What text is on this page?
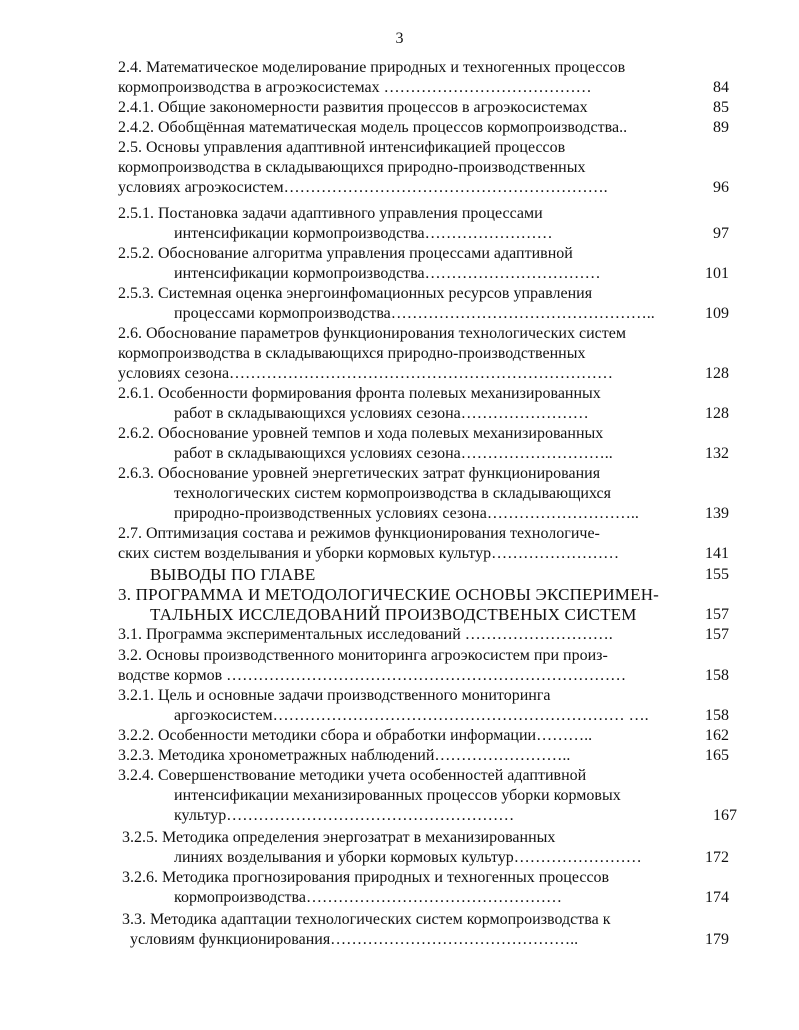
3
2.4. Математическое моделирование природных и техногенных процессов
кормопроизводства в агроэкосистемах …………………………………	84
2.4.1. Общие закономерности развития процессов в агроэкосистемах	85
2.4.2. Обобщённая математическая модель процессов кормопроизводства..	89
2.5. Основы управления адаптивной интенсификацией процессов
кормопроизводства в складывающихся природно-производственных
условиях агроэкосистем…………………………………………………….	96
2.5.1. Постановка задачи адаптивного управления процессами
интенсификации кормопроизводства……………………	97
2.5.2. Обоснование алгоритма управления процессами адаптивной
интенсификации кормопроизводства……………………………	101
2.5.3. Системная оценка энергоинфомационных ресурсов управления
процессами кормопроизводства…………………………………………..	109
2.6. Обоснование параметров функционирования технологических систем
кормопроизводства в складывающихся природно-производственных
условиях сезона………………………………………………………………	128
2.6.1. Особенности формирования фронта полевых механизированных
работ в складывающихся условиях сезона……………………	128
2.6.2. Обоснование уровней темпов и хода полевых механизированных
работ в складывающихся условиях сезона………………………..	132
2.6.3. Обоснование уровней энергетических затрат функционирования
технологических систем кормопроизводства в складывающихся
природно-производственных условиях сезона………………………..	139
2.7. Оптимизация состава и режимов функционирования технологиче-
ских систем возделывания и уборки кормовых культур……………………	141
ВЫВОДЫ ПО ГЛАВЕ	155
3. ПРОГРАММА И МЕТОДОЛОГИЧЕСКИЕ ОСНОВЫ ЭКСПЕРИМЕН-
ТАЛЬНЫХ ИССЛЕДОВАНИЙ ПРОИЗВОДСТВЕНЫХ СИСТЕМ	157
3.1. Программа экспериментальных исследований ……………………….	157
3.2. Основы производственного мониторинга агроэкосистем при произ-
водстве кормов …………………………………………………………………	158
3.2.1. Цель и основные задачи производственного мониторинга
аргоэкосистем………………………………………………………… ….	158
3.2.2. Особенности методики сбора и обработки информации………..	162
3.2.3. Методика хронометражных наблюдений……………………..	165
3.2.4. Совершенствование методики учета особенностей адаптивной
интенсификации механизированных процессов уборки кормовых
культур………………………………………………	167
3.2.5. Методика определения энергозатрат в механизированных
линиях возделывания и уборки кормовых культур……………………	172
3.2.6. Методика прогнозирования природных и техногенных процессов
кормопроизводства…………………………………………	174
3.3. Методика адаптации технологических систем кормопроизводства к
условиям функционирования………………………………………..	179
